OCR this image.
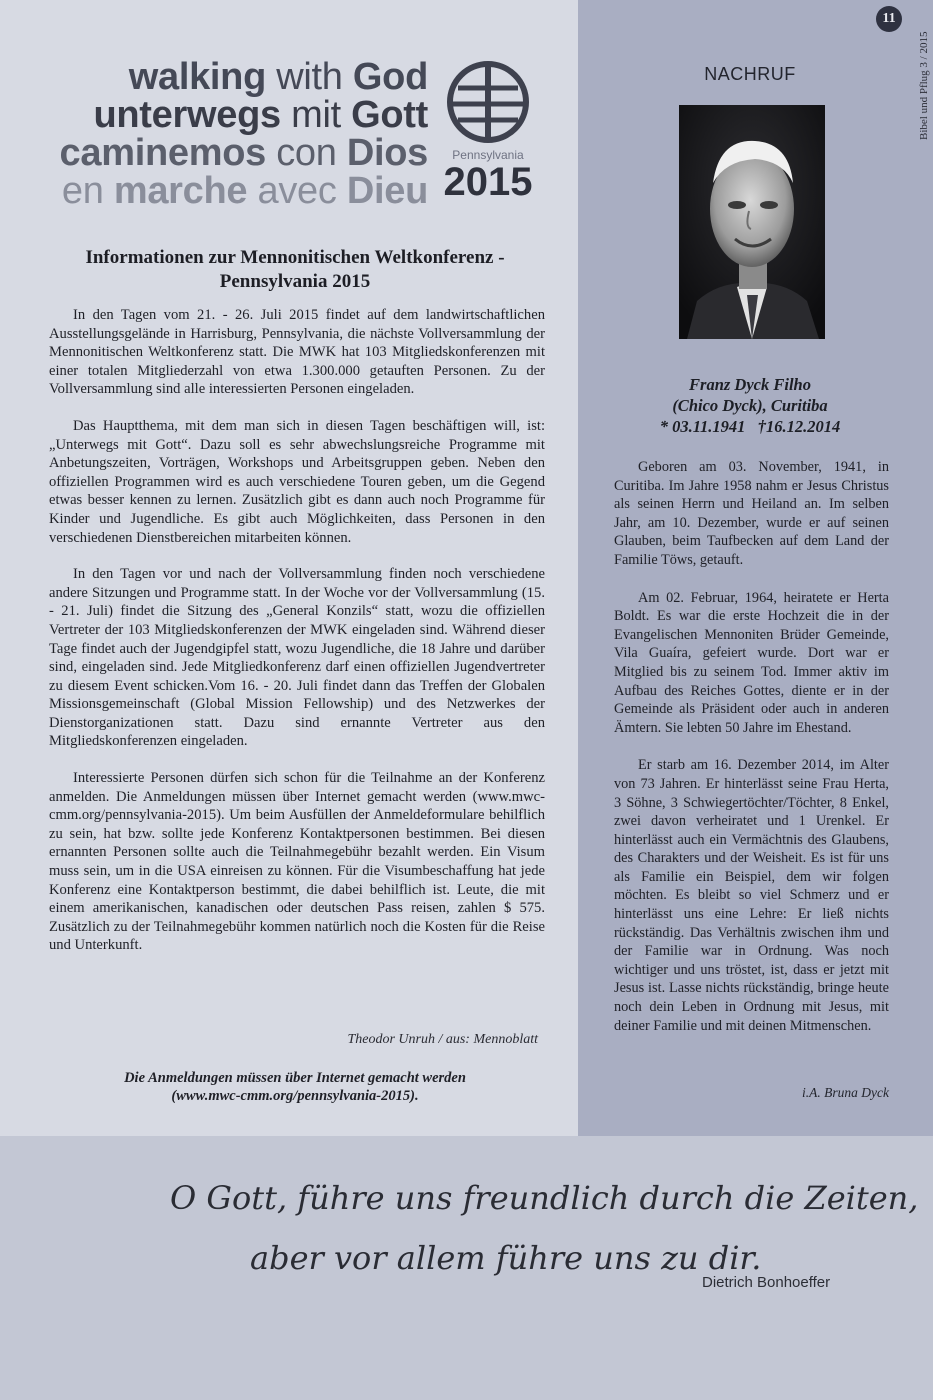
walking with God
unterwegs mit Gott
caminemos con Dios
en marche avec Dieu
Pennsylvania
2015
Informationen zur Mennonitischen Weltkonferenz -
Pennsylvania 2015

In den Tagen vom 21. - 26. Juli 2015 findet auf dem landwirtschaftlichen Ausstellungsgelände in Harrisburg, Pennsylvania, die nächste Vollversammlung der Mennonitischen Weltkonferenz statt. Die MWK hat 103 Mitgliedskonferenzen mit einer totalen Mitgliederzahl von etwa 1.300.000 getauften Personen. Zu der Vollversammlung sind alle interessierten Personen eingeladen.

Das Hauptthema, mit dem man sich in diesen Tagen beschäftigen will, ist: „Unterwegs mit Gott“. Dazu soll es sehr abwechslungsreiche Programme mit Anbetungszeiten, Vorträgen, Workshops und Arbeitsgruppen geben. Neben den offiziellen Programmen wird es auch verschiedene Touren geben, um die Gegend etwas besser kennen zu lernen. Zusätzlich gibt es dann auch noch Programme für Kinder und Jugendliche. Es gibt auch Möglichkeiten, dass Personen in den verschiedenen Dienstbereichen mitarbeiten können.

In den Tagen vor und nach der Vollversammlung finden noch verschiedene andere Sitzungen und Programme statt. In der Woche vor der Vollversammlung (15. - 21. Juli) findet die Sitzung des „General Konzils“ statt, wozu die offiziellen Vertreter der 103 Mitgliedskonferenzen der MWK eingeladen sind. Während dieser Tage findet auch der Jugendgipfel statt, wozu Jugendliche, die 18 Jahre und darüber sind, eingeladen sind. Jede Mitgliedkonferenz darf einen offiziellen Jugendvertreter zu diesem Event schicken.Vom 16. - 20. Juli findet dann das Treffen der Globalen Missionsgemeinschaft (Global Mission Fellowship) und des Netzwerkes der Dienstorganizationen statt. Dazu sind ernannte Vertreter aus den Mitgliedskonferenzen eingeladen.

Interessierte Personen dürfen sich schon für die Teilnahme an der Konferenz anmelden. Die Anmeldungen müssen über Internet gemacht werden (www.mwc-cmm.org/pennsylvania-2015). Um beim Ausfüllen der Anmeldeformulare behilflich zu sein, hat bzw. sollte jede Konferenz Kontaktpersonen bestimmen. Bei diesen ernannten Personen sollte auch die Teilnahmegebühr bezahlt werden. Ein Visum muss sein, um in die USA einreisen zu können. Für die Visumbeschaffung hat jede Konferenz eine Kontaktperson bestimmt, die dabei behilflich ist. Leute, die mit einem amerikanischen, kanadischen oder deutschen Pass reisen, zahlen $ 575. Zusätzlich zu der Teilnahmegebühr kommen natürlich noch die Kosten für die Reise und Unterkunft.

Theodor Unruh / aus: Mennoblatt
Die Anmeldungen müssen über Internet gemacht werden
(www.mwc-cmm.org/pennsylvania-2015).
11
Bibel und Pflug 3 / 2015
NACHRUF
Franz Dyck Filho
(Chico Dyck), Curitiba
* 03.11.1941   †16.12.2014

Geboren am 03. November, 1941, in Curitiba. Im Jahre 1958 nahm er Jesus Christus als seinen Herrn und Heiland an. Im selben Jahr, am 10. Dezember, wurde er auf seinen Glauben, beim Taufbecken auf dem Land der Familie Töws, getauft.

Am 02. Februar, 1964, heiratete er Herta Boldt. Es war die erste Hochzeit die in der Evangelischen Mennoniten Brüder Gemeinde, Vila Guaíra, gefeiert wurde. Dort war er Mitglied bis zu seinem Tod. Immer aktiv im Aufbau des Reiches Gottes, diente er in der Gemeinde als Präsident oder auch in anderen Ämtern. Sie lebten 50 Jahre im Ehestand.

Er starb am 16. Dezember 2014, im Alter von 73 Jahren. Er hinterlässt seine Frau Herta, 3 Söhne, 3 Schwiegertöchter/Töchter, 8 Enkel, zwei davon verheiratet und 1 Urenkel. Er hinterlässt auch ein Vermächtnis des Glaubens, des Charakters und der Weisheit. Es ist für uns als Familie ein Beispiel, dem wir folgen möchten. Es bleibt so viel Schmerz und er hinterlässt uns eine Lehre: Er ließ nichts rückständig. Das Verhältnis zwischen ihm und der Familie war in Ordnung. Was noch wichtiger und uns tröstet, ist, dass er jetzt mit Jesus ist. Lasse nichts rückständig, bringe heute noch dein Leben in Ordnung mit Jesus, mit deiner Familie und mit deinen Mitmenschen.

i.A. Bruna Dyck
O Gott, führe uns freundlich durch die Zeiten,
aber vor allem führe uns zu dir.
Dietrich Bonhoeffer
